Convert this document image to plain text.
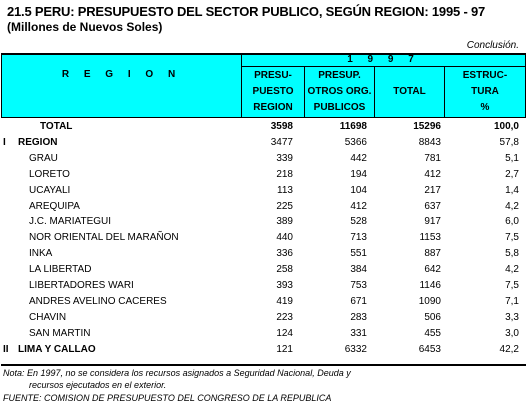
21.5 PERU: PRESUPUESTO DEL SECTOR PUBLICO, SEGÚN REGION: 1995 - 97
(Millones de Nuevos Soles)
Conclusión.
R E G I O N
1 9 9 7
PRESU-
PUESTO
REGION
PRESUP.
OTROS ORG.
PUBLICOS
TOTAL
ESTRUC-
TURA
%
TOTAL	3598	11698	15296	100,0
I REGION	3477	5366	8843	57,8
GRAU	339	442	781	5,1
LORETO	218	194	412	2,7
UCAYALI	113	104	217	1,4
AREQUIPA	225	412	637	4,2
J.C. MARIATEGUI	389	528	917	6,0
NOR ORIENTAL DEL MARAÑON	440	713	1153	7,5
INKA	336	551	887	5,8
LA LIBERTAD	258	384	642	4,2
LIBERTADORES WARI	393	753	1146	7,5
ANDRES AVELINO CACERES	419	671	1090	7,1
CHAVIN	223	283	506	3,3
SAN MARTIN	124	331	455	3,0
II LIMA Y CALLAO	121	6332	6453	42,2
Nota: En 1997, no se considera los recursos asignados a Seguridad Nacional, Deuda y
recursos ejecutados en el exterior.
FUENTE: COMISION DE PRESUPUESTO DEL CONGRESO DE LA REPUBLICA
